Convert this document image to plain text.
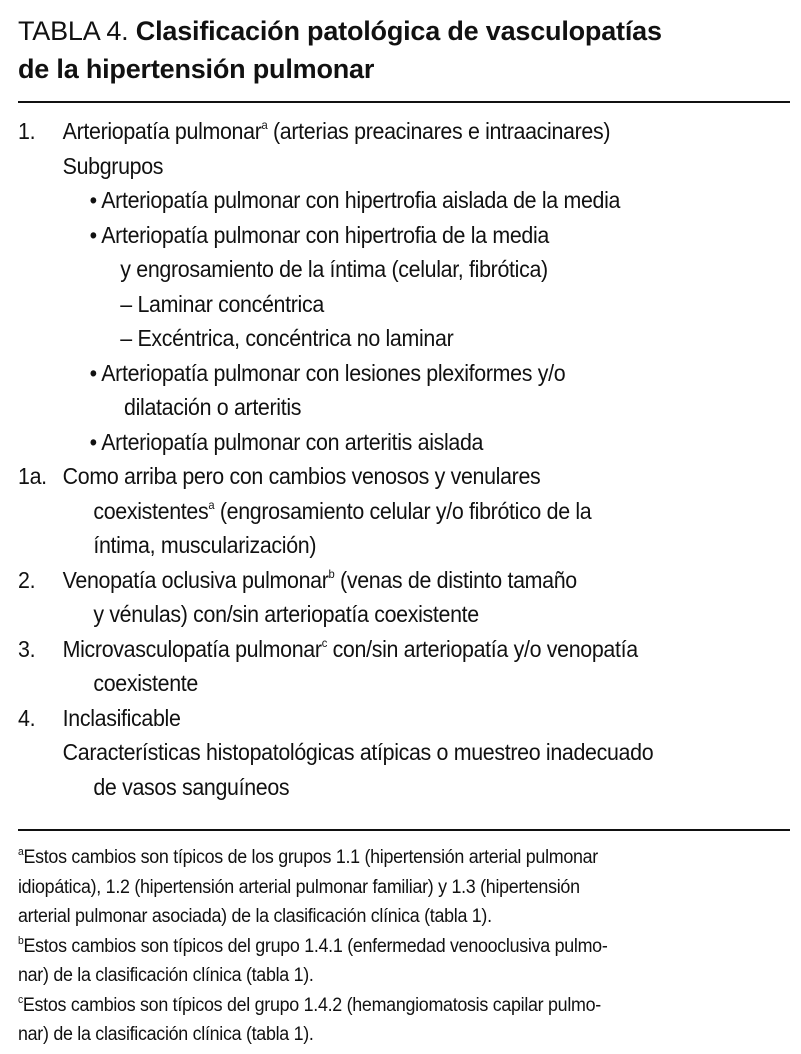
TABLA 4. Clasificación patológica de vasculopatías
de la hipertensión pulmonar
1. Arteriopatía pulmonar$^a$ (arterias preacinares e intraacinares)
Subgrupos
• Arteriopatía pulmonar con hipertrofia aislada de la media
• Arteriopatía pulmonar con hipertrofia de la media
y engrosamiento de la íntima (celular, fibrótica)
– Laminar concéntrica
– Excéntrica, concéntrica no laminar
• Arteriopatía pulmonar con lesiones plexiformes y/o
dilatación o arteritis
• Arteriopatía pulmonar con arteritis aislada
1a. Como arriba pero con cambios venosos y venulares
coexistentes$^a$ (engrosamiento celular y/o fibrótico de la
íntima, muscularización)
2. Venopatía oclusiva pulmonar$^b$ (venas de distinto tamaño
y vénulas) con/sin arteriopatía coexistente
3. Microvasculopatía pulmonar$^c$ con/sin arteriopatía y/o venopatía
coexistente
4. Inclasificable
Características histopatológicas atípicas o muestreo inadecuado
de vasos sanguíneos
$^a$Estos cambios son típicos de los grupos 1.1 (hipertensión arterial pulmonar
idiopática), 1.2 (hipertensión arterial pulmonar familiar) y 1.3 (hipertensión
arterial pulmonar asociada) de la clasificación clínica (tabla 1).
$^b$Estos cambios son típicos del grupo 1.4.1 (enfermedad venooclusiva pulmo-
nar) de la clasificación clínica (tabla 1).
$^c$Estos cambios son típicos del grupo 1.4.2 (hemangiomatosis capilar pulmo-
nar) de la clasificación clínica (tabla 1).
